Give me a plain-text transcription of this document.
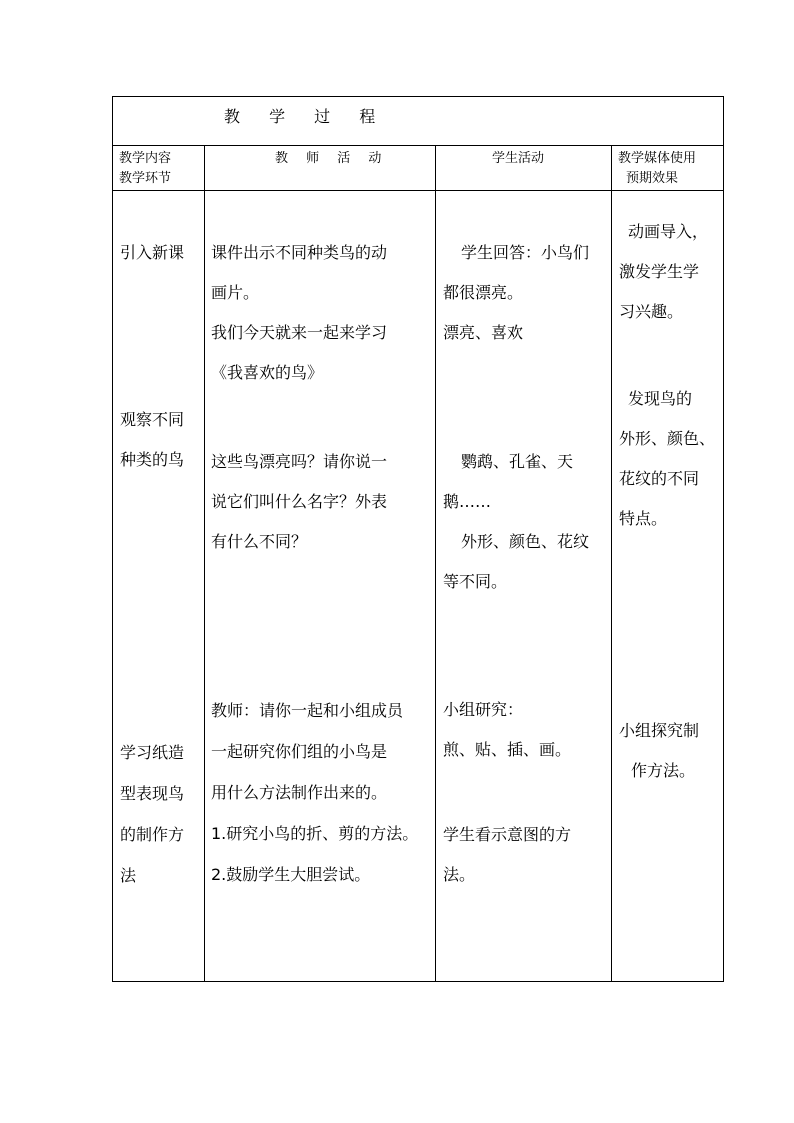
教 学 过 程
教学内容
教学环节
教 师 活 动	学生活动	教学媒体使用
预期效果

引入新课

观察不同

种类的鸟

学习纸造

型表现鸟

的制作方

法

课件出示不同种类鸟的动

画片。

我们今天就来一起来学习

《我喜欢的鸟》

这些鸟漂亮吗？请你说一

说它们叫什么名字？外表

有什么不同？

教师：请你一起和小组成员

一起研究你们组的小鸟是

用什么方法制作出来的。

1.研究小鸟的折、剪的方法。

2.鼓励学生大胆尝试。

学生回答：小鸟们

都很漂亮。

漂亮、喜欢

鹦鹉、孔雀、天

鹅……

外形、颜色、花纹

等不同。

小组研究：

煎、贴、插、画。

学生看示意图的方

法。

动画导入，

激发学生学

习兴趣。

发现鸟的

外形、颜色、

花纹的不同

特点。

小组探究制

作方法。
